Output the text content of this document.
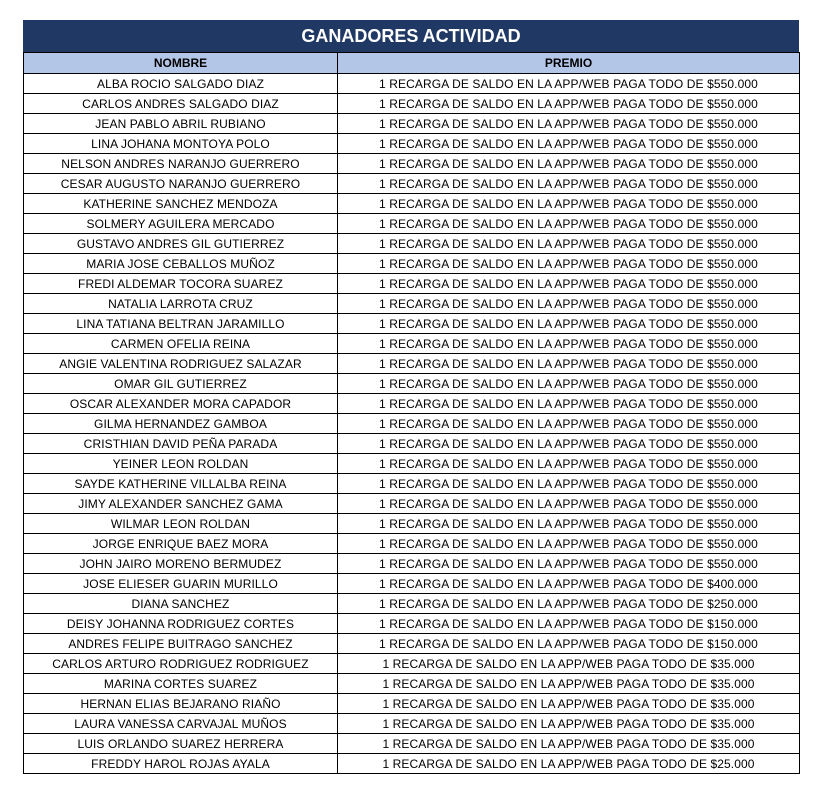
GANADORES ACTIVIDAD
NOMBRE	PREMIO
ALBA ROCIO SALGADO DIAZ	1 RECARGA DE SALDO EN LA APP/WEB PAGA TODO DE $550.000
CARLOS ANDRES SALGADO DIAZ	1 RECARGA DE SALDO EN LA APP/WEB PAGA TODO DE $550.000
JEAN PABLO ABRIL RUBIANO	1 RECARGA DE SALDO EN LA APP/WEB PAGA TODO DE $550.000
LINA JOHANA MONTOYA POLO	1 RECARGA DE SALDO EN LA APP/WEB PAGA TODO DE $550.000
NELSON ANDRES NARANJO GUERRERO	1 RECARGA DE SALDO EN LA APP/WEB PAGA TODO DE $550.000
CESAR AUGUSTO NARANJO GUERRERO	1 RECARGA DE SALDO EN LA APP/WEB PAGA TODO DE $550.000
KATHERINE SANCHEZ MENDOZA	1 RECARGA DE SALDO EN LA APP/WEB PAGA TODO DE $550.000
SOLMERY AGUILERA MERCADO	1 RECARGA DE SALDO EN LA APP/WEB PAGA TODO DE $550.000
GUSTAVO ANDRES GIL GUTIERREZ	1 RECARGA DE SALDO EN LA APP/WEB PAGA TODO DE $550.000
MARIA JOSE CEBALLOS MUÑOZ	1 RECARGA DE SALDO EN LA APP/WEB PAGA TODO DE $550.000
FREDI ALDEMAR TOCORA SUAREZ	1 RECARGA DE SALDO EN LA APP/WEB PAGA TODO DE $550.000
NATALIA LARROTA CRUZ	1 RECARGA DE SALDO EN LA APP/WEB PAGA TODO DE $550.000
LINA TATIANA BELTRAN JARAMILLO	1 RECARGA DE SALDO EN LA APP/WEB PAGA TODO DE $550.000
CARMEN OFELIA REINA	1 RECARGA DE SALDO EN LA APP/WEB PAGA TODO DE $550.000
ANGIE VALENTINA RODRIGUEZ SALAZAR	1 RECARGA DE SALDO EN LA APP/WEB PAGA TODO DE $550.000
OMAR GIL GUTIERREZ	1 RECARGA DE SALDO EN LA APP/WEB PAGA TODO DE $550.000
OSCAR ALEXANDER MORA CAPADOR	1 RECARGA DE SALDO EN LA APP/WEB PAGA TODO DE $550.000
GILMA HERNANDEZ GAMBOA	1 RECARGA DE SALDO EN LA APP/WEB PAGA TODO DE $550.000
CRISTHIAN DAVID PEÑA PARADA	1 RECARGA DE SALDO EN LA APP/WEB PAGA TODO DE $550.000
YEINER LEON ROLDAN	1 RECARGA DE SALDO EN LA APP/WEB PAGA TODO DE $550.000
SAYDE KATHERINE VILLALBA REINA	1 RECARGA DE SALDO EN LA APP/WEB PAGA TODO DE $550.000
JIMY ALEXANDER SANCHEZ GAMA	1 RECARGA DE SALDO EN LA APP/WEB PAGA TODO DE $550.000
WILMAR LEON ROLDAN	1 RECARGA DE SALDO EN LA APP/WEB PAGA TODO DE $550.000
JORGE ENRIQUE BAEZ MORA	1 RECARGA DE SALDO EN LA APP/WEB PAGA TODO DE $550.000
JOHN JAIRO MORENO BERMUDEZ	1 RECARGA DE SALDO EN LA APP/WEB PAGA TODO DE $550.000
JOSE ELIESER GUARIN MURILLO	1 RECARGA DE SALDO EN LA APP/WEB PAGA TODO DE $400.000
DIANA SANCHEZ	1 RECARGA DE SALDO EN LA APP/WEB PAGA TODO DE $250.000
DEISY JOHANNA RODRIGUEZ CORTES	1 RECARGA DE SALDO EN LA APP/WEB PAGA TODO DE $150.000
ANDRES FELIPE BUITRAGO SANCHEZ	1 RECARGA DE SALDO EN LA APP/WEB PAGA TODO DE $150.000
CARLOS ARTURO RODRIGUEZ RODRIGUEZ	1 RECARGA DE SALDO EN LA APP/WEB PAGA TODO DE $35.000
MARINA CORTES SUAREZ	1 RECARGA DE SALDO EN LA APP/WEB PAGA TODO DE $35.000
HERNAN ELIAS BEJARANO RIAÑO	1 RECARGA DE SALDO EN LA APP/WEB PAGA TODO DE $35.000
LAURA VANESSA CARVAJAL MUÑOS	1 RECARGA DE SALDO EN LA APP/WEB PAGA TODO DE $35.000
LUIS ORLANDO SUAREZ HERRERA	1 RECARGA DE SALDO EN LA APP/WEB PAGA TODO DE $35.000
FREDDY HAROL ROJAS AYALA	1 RECARGA DE SALDO EN LA APP/WEB PAGA TODO DE $25.000
